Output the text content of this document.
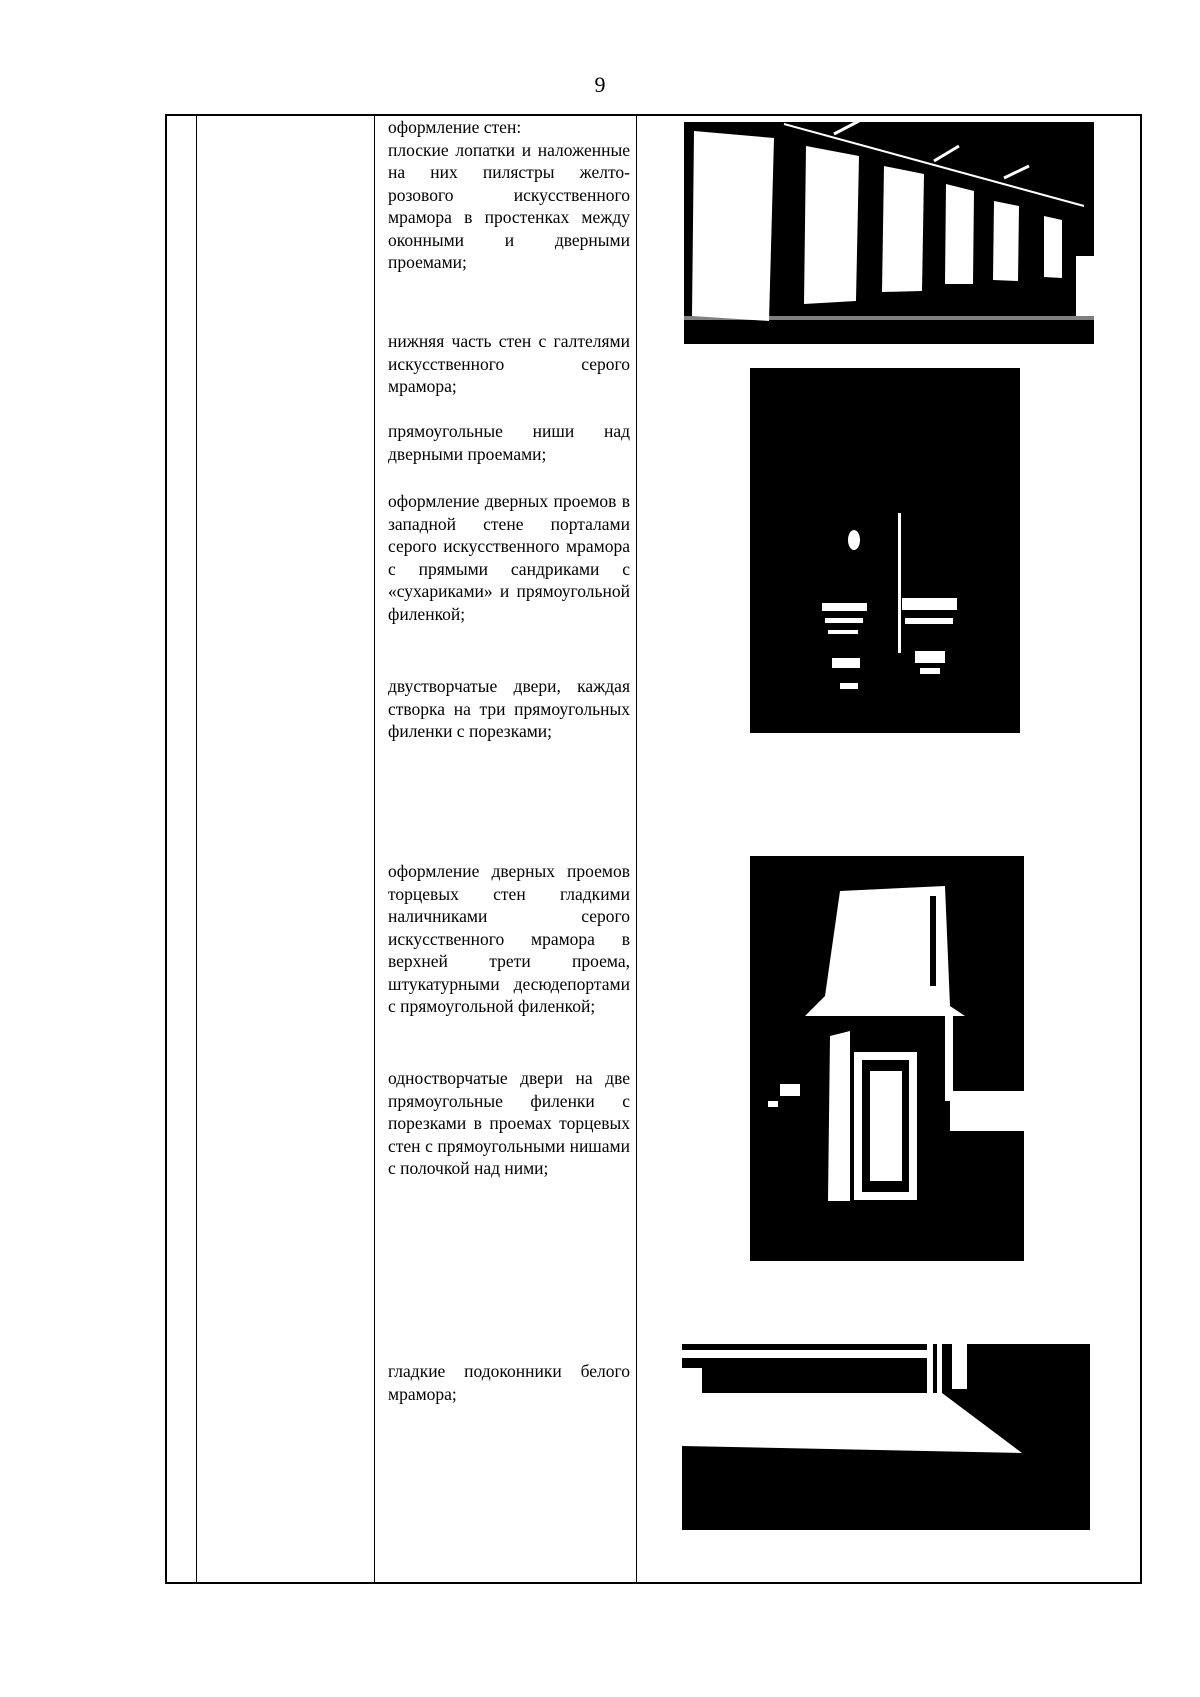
9
оформление стен:
плоские лопатки и наложенные на них пилястры желто-розового искусственного мрамора в простенках между оконными и дверными проемами;
нижняя часть стен с галтелями искусственного серого мрамора;
прямоугольные ниши над дверными проемами;
оформление дверных проемов в западной стене порталами серого искусственного мрамора с прямыми сандриками с «сухариками» и прямоугольной филенкой;
двустворчатые двери, каждая створка на три прямоугольных филенки с порезками;
оформление дверных проемов торцевых стен гладкими наличниками серого искусственного мрамора в верхней трети проема, штукатурными десюдепортами с прямоугольной филенкой;
одностворчатые двери на две прямоугольные филенки с порезками в проемах торцевых стен с прямоугольными нишами с полочкой над ними;
гладкие подоконники белого мрамора;
